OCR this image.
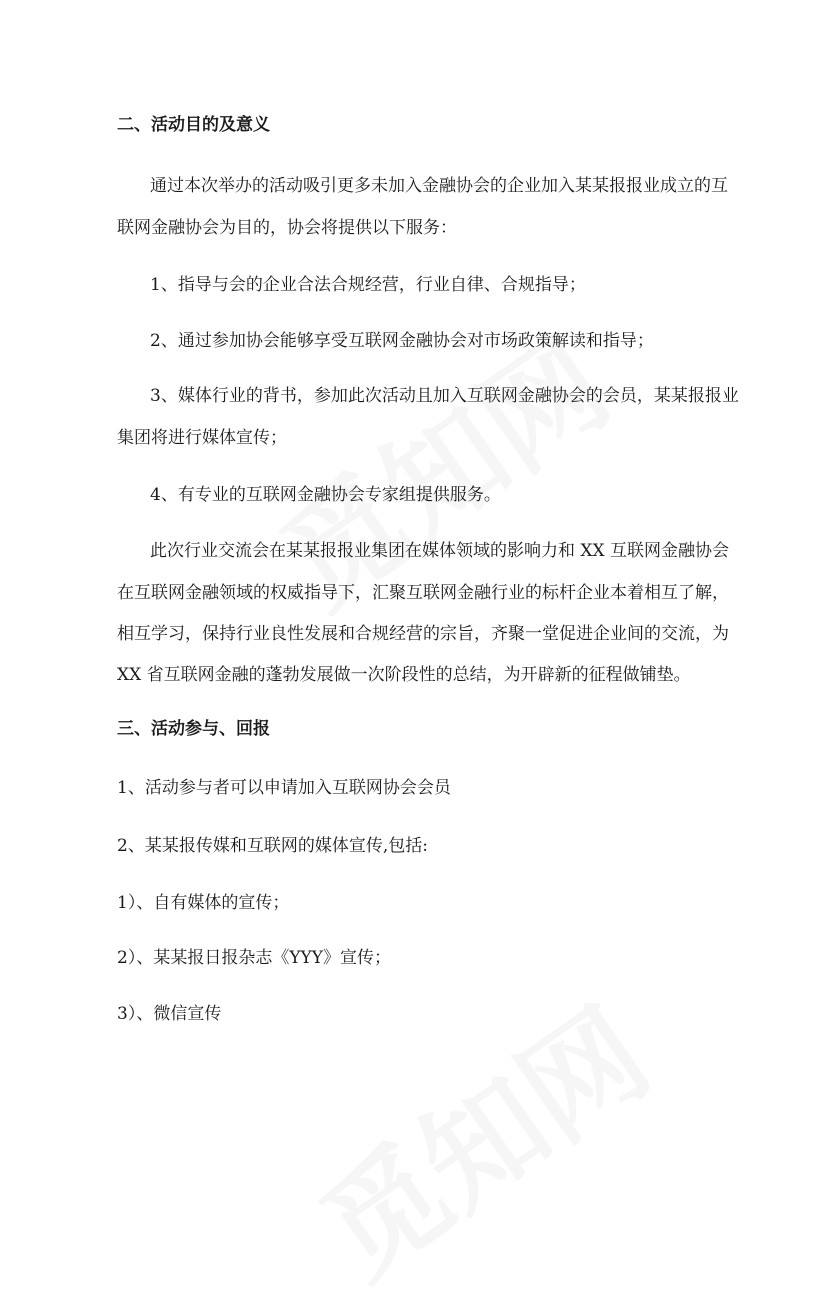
二、活动目的及意义
通过本次举办的活动吸引更多未加入金融协会的企业加入某某报报业成立的互
联网金融协会为目的，协会将提供以下服务：
1、指导与会的企业合法合规经营，行业自律、合规指导；
2、通过参加协会能够享受互联网金融协会对市场政策解读和指导；
3、媒体行业的背书，参加此次活动且加入互联网金融协会的会员，某某报报业
集团将进行媒体宣传；
4、有专业的互联网金融协会专家组提供服务。
此次行业交流会在某某报报业集团在媒体领域的影响力和 XX 互联网金融协会
在互联网金融领域的权威指导下，汇聚互联网金融行业的标杆企业本着相互了解，
相互学习，保持行业良性发展和合规经营的宗旨，齐聚一堂促进企业间的交流，为
XX 省互联网金融的蓬勃发展做一次阶段性的总结，为开辟新的征程做铺垫。
三、活动参与、回报
1、活动参与者可以申请加入互联网协会会员
2、某某报传媒和互联网的媒体宣传,包括:
1）、自有媒体的宣传；
2）、某某报日报杂志《YYY》宣传；
3）、微信宣传
